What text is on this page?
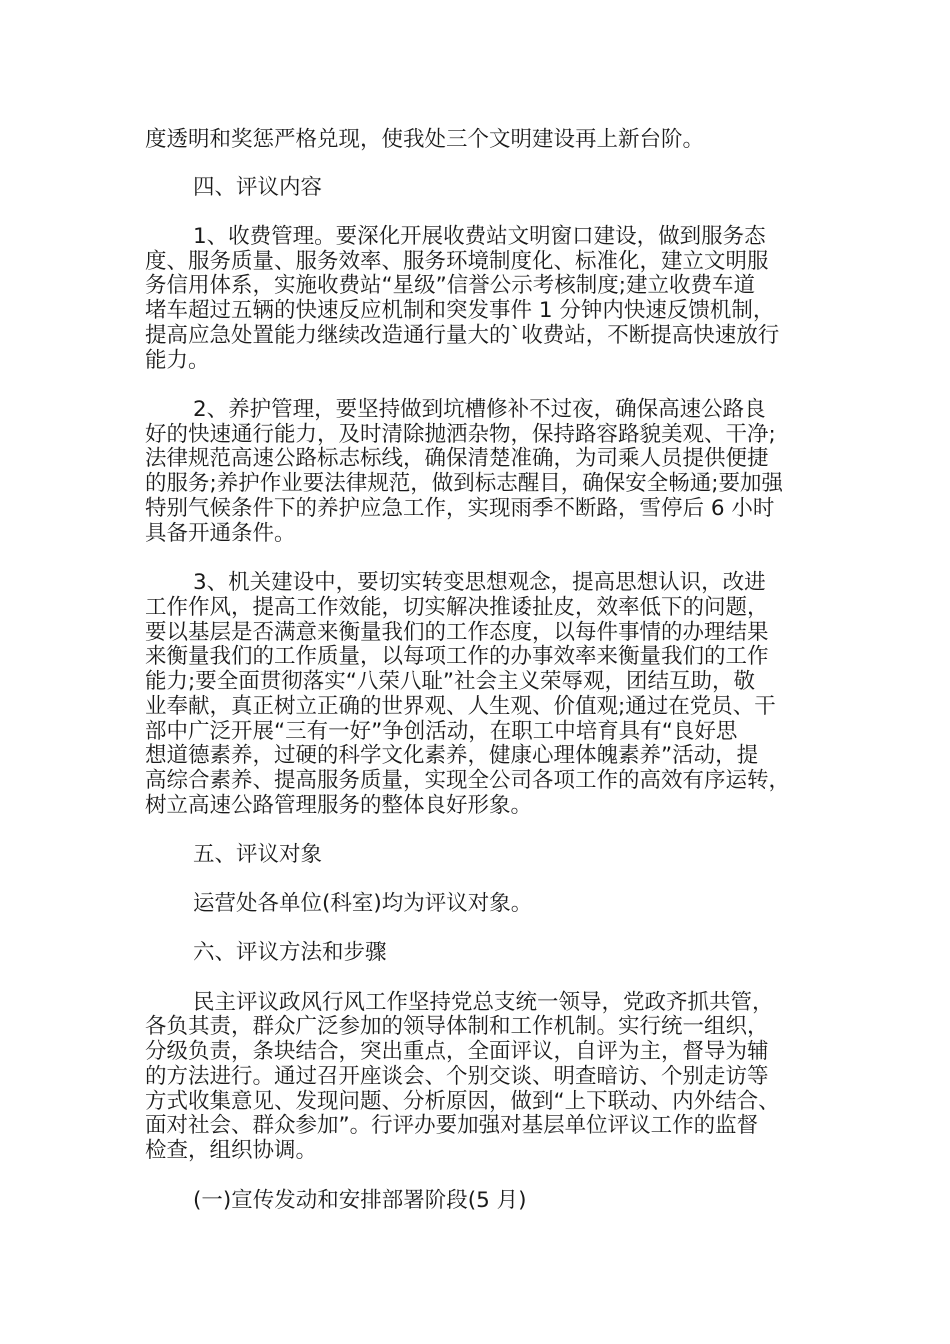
度透明和奖惩严格兑现，使我处三个文明建设再上新台阶。
四、评议内容
1、收费管理。要深化开展收费站文明窗口建设，做到服务态
度、服务质量、服务效率、服务环境制度化、标准化，建立文明服
务信用体系，实施收费站“星级”信誉公示考核制度;建立收费车道
堵车超过五辆的快速反应机制和突发事件 1 分钟内快速反馈机制，
提高应急处置能力继续改造通行量大的`收费站，不断提高快速放行
能力。
2、养护管理，要坚持做到坑槽修补不过夜，确保高速公路良
好的快速通行能力，及时清除抛洒杂物，保持路容路貌美观、干净;
法律规范高速公路标志标线，确保清楚准确，为司乘人员提供便捷
的服务;养护作业要法律规范，做到标志醒目，确保安全畅通;要加强
特别气候条件下的养护应急工作，实现雨季不断路，雪停后 6 小时
具备开通条件。
3、机关建设中，要切实转变思想观念，提高思想认识，改进
工作作风，提高工作效能，切实解决推诿扯皮，效率低下的问题，
要以基层是否满意来衡量我们的工作态度，以每件事情的办理结果
来衡量我们的工作质量，以每项工作的办事效率来衡量我们的工作
能力;要全面贯彻落实“八荣八耻”社会主义荣辱观，团结互助，敬
业奉献，真正树立正确的世界观、人生观、价值观;通过在党员、干
部中广泛开展“三有一好”争创活动，在职工中培育具有“良好思
想道德素养，过硬的科学文化素养，健康心理体魄素养”活动，提
高综合素养、提高服务质量，实现全公司各项工作的高效有序运转，
树立高速公路管理服务的整体良好形象。
五、评议对象
运营处各单位(科室)均为评议对象。
六、评议方法和步骤
民主评议政风行风工作坚持党总支统一领导，党政齐抓共管，
各负其责，群众广泛参加的领导体制和工作机制。实行统一组织，
分级负责，条块结合，突出重点，全面评议，自评为主，督导为辅
的方法进行。通过召开座谈会、个别交谈、明查暗访、个别走访等
方式收集意见、发现问题、分析原因，做到“上下联动、内外结合、
面对社会、群众参加”。行评办要加强对基层单位评议工作的监督
检查，组织协调。
(一)宣传发动和安排部署阶段(5 月)
